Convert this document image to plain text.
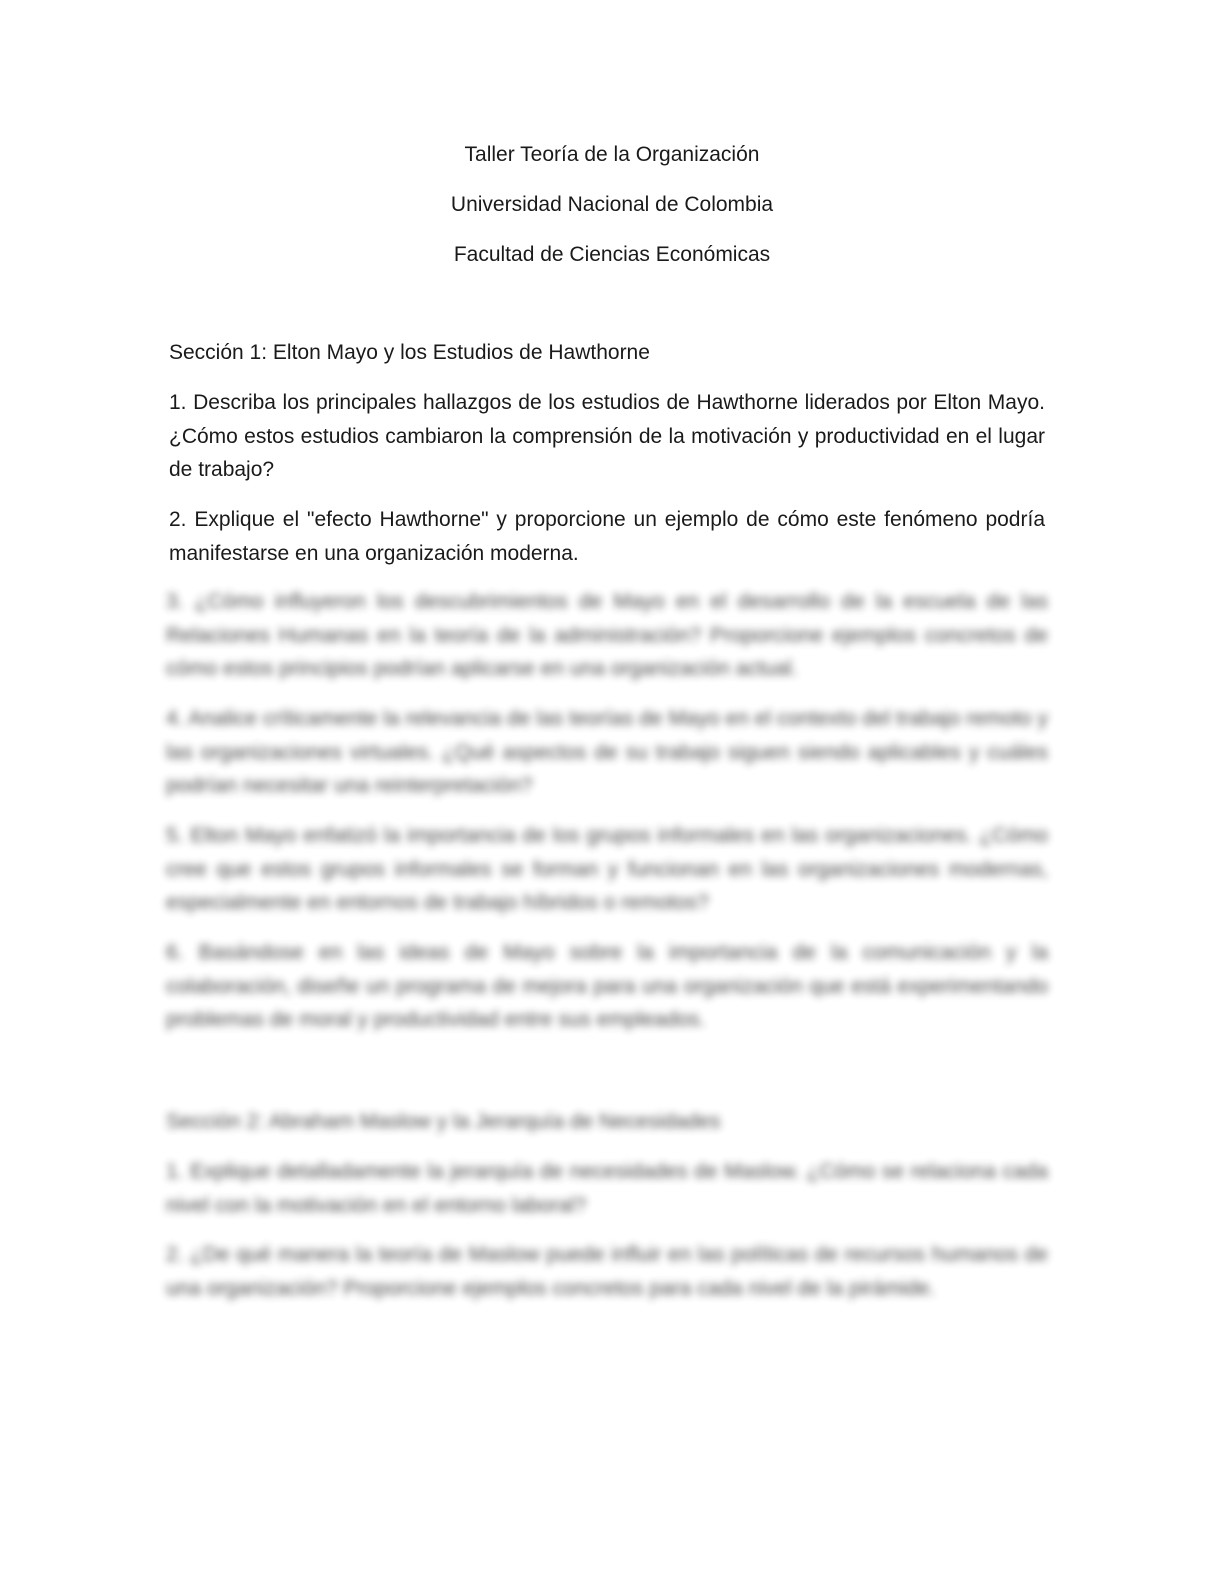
Taller Teoría de la Organización
Universidad Nacional de Colombia
Facultad de Ciencias Económicas
Sección 1: Elton Mayo y los Estudios de Hawthorne
1. Describa los principales hallazgos de los estudios de Hawthorne liderados por Elton Mayo. ¿Cómo estos estudios cambiaron la comprensión de la motivación y productividad en el lugar de trabajo?
2. Explique el "efecto Hawthorne" y proporcione un ejemplo de cómo este fenómeno podría manifestarse en una organización moderna.

3. ¿Cómo influyeron los descubrimientos de Mayo en el desarrollo de la escuela de las Relaciones Humanas en la teoría de la administración? Proporcione ejemplos concretos de cómo estos principios podrían aplicarse en una organización actual.

4. Analice críticamente la relevancia de las teorías de Mayo en el contexto del trabajo remoto y las organizaciones virtuales. ¿Qué aspectos de su trabajo siguen siendo aplicables y cuáles podrían necesitar una reinterpretación?

5. Elton Mayo enfatizó la importancia de los grupos informales en las organizaciones. ¿Cómo cree que estos grupos informales se forman y funcionan en las organizaciones modernas, especialmente en entornos de trabajo híbridos o remotos?

6. Basándose en las ideas de Mayo sobre la importancia de la comunicación y la colaboración, diseñe un programa de mejora para una organización que está experimentando problemas de moral y productividad entre sus empleados.

Sección 2: Abraham Maslow y la Jerarquía de Necesidades

1. Explique detalladamente la jerarquía de necesidades de Maslow. ¿Cómo se relaciona cada nivel con la motivación en el entorno laboral?

2. ¿De qué manera la teoría de Maslow puede influir en las políticas de recursos humanos de una organización? Proporcione ejemplos concretos para cada nivel de la pirámide.
